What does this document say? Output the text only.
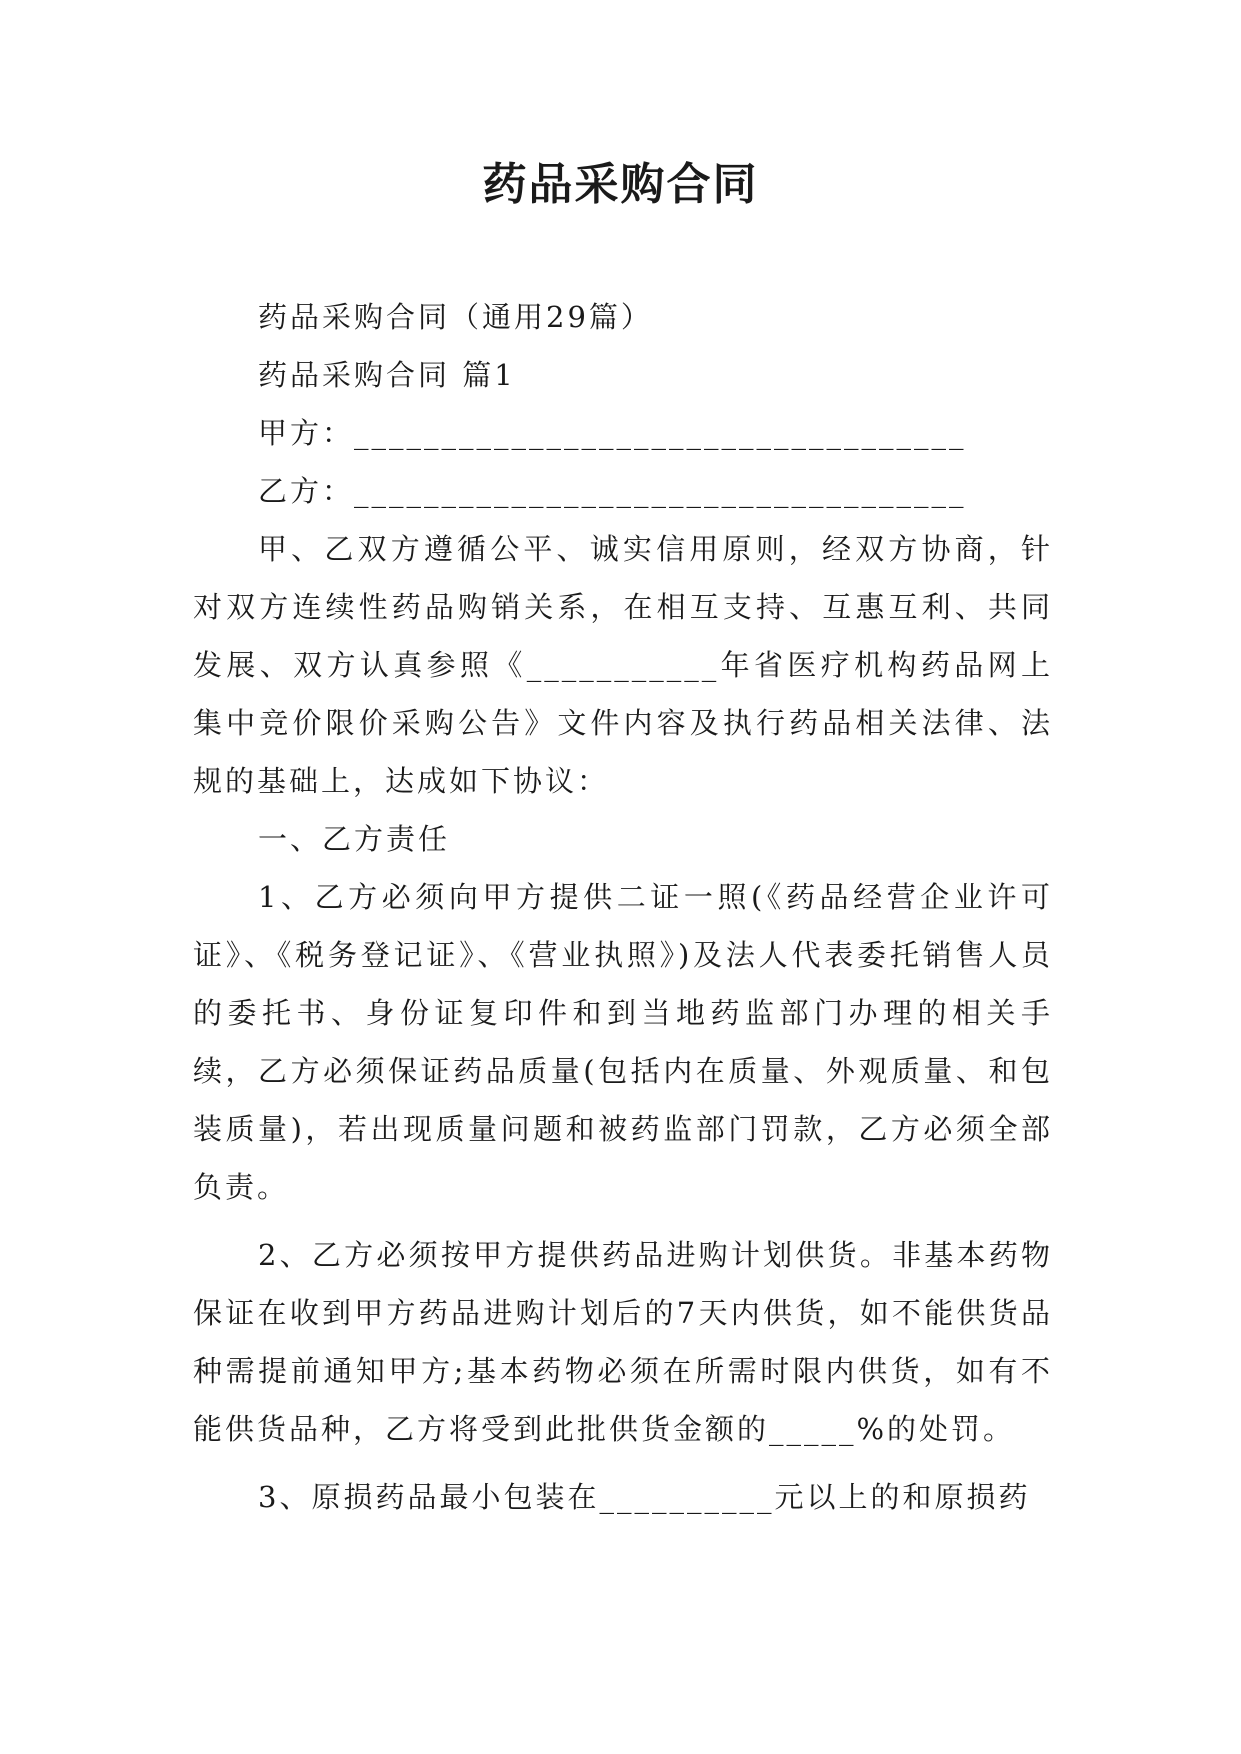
药品采购合同

药品采购合同（通用29篇）

药品采购合同 篇1

甲方：___________________________________

乙方：___________________________________

甲、乙双方遵循公平、诚实信用原则，经双方协商，针对双方连续性药品购销关系，在相互支持、互惠互利、共同发展、双方认真参照《___________年省医疗机构药品网上集中竞价限价采购公告》文件内容及执行药品相关法律、法规的基础上，达成如下协议：

一、乙方责任

1、乙方必须向甲方提供二证一照(《药品经营企业许可证》、《税务登记证》、《营业执照》)及法人代表委托销售人员的委托书、身份证复印件和到当地药监部门办理的相关手续，乙方必须保证药品质量(包括内在质量、外观质量、和包装质量)，若出现质量问题和被药监部门罚款，乙方必须全部负责。

2、乙方必须按甲方提供药品进购计划供货。非基本药物保证在收到甲方药品进购计划后的7天内供货，如不能供货品种需提前通知甲方;基本药物必须在所需时限内供货，如有不能供货品种，乙方将受到此批供货金额的_____%的处罚。

3、原损药品最小包装在__________元以上的和原损药
